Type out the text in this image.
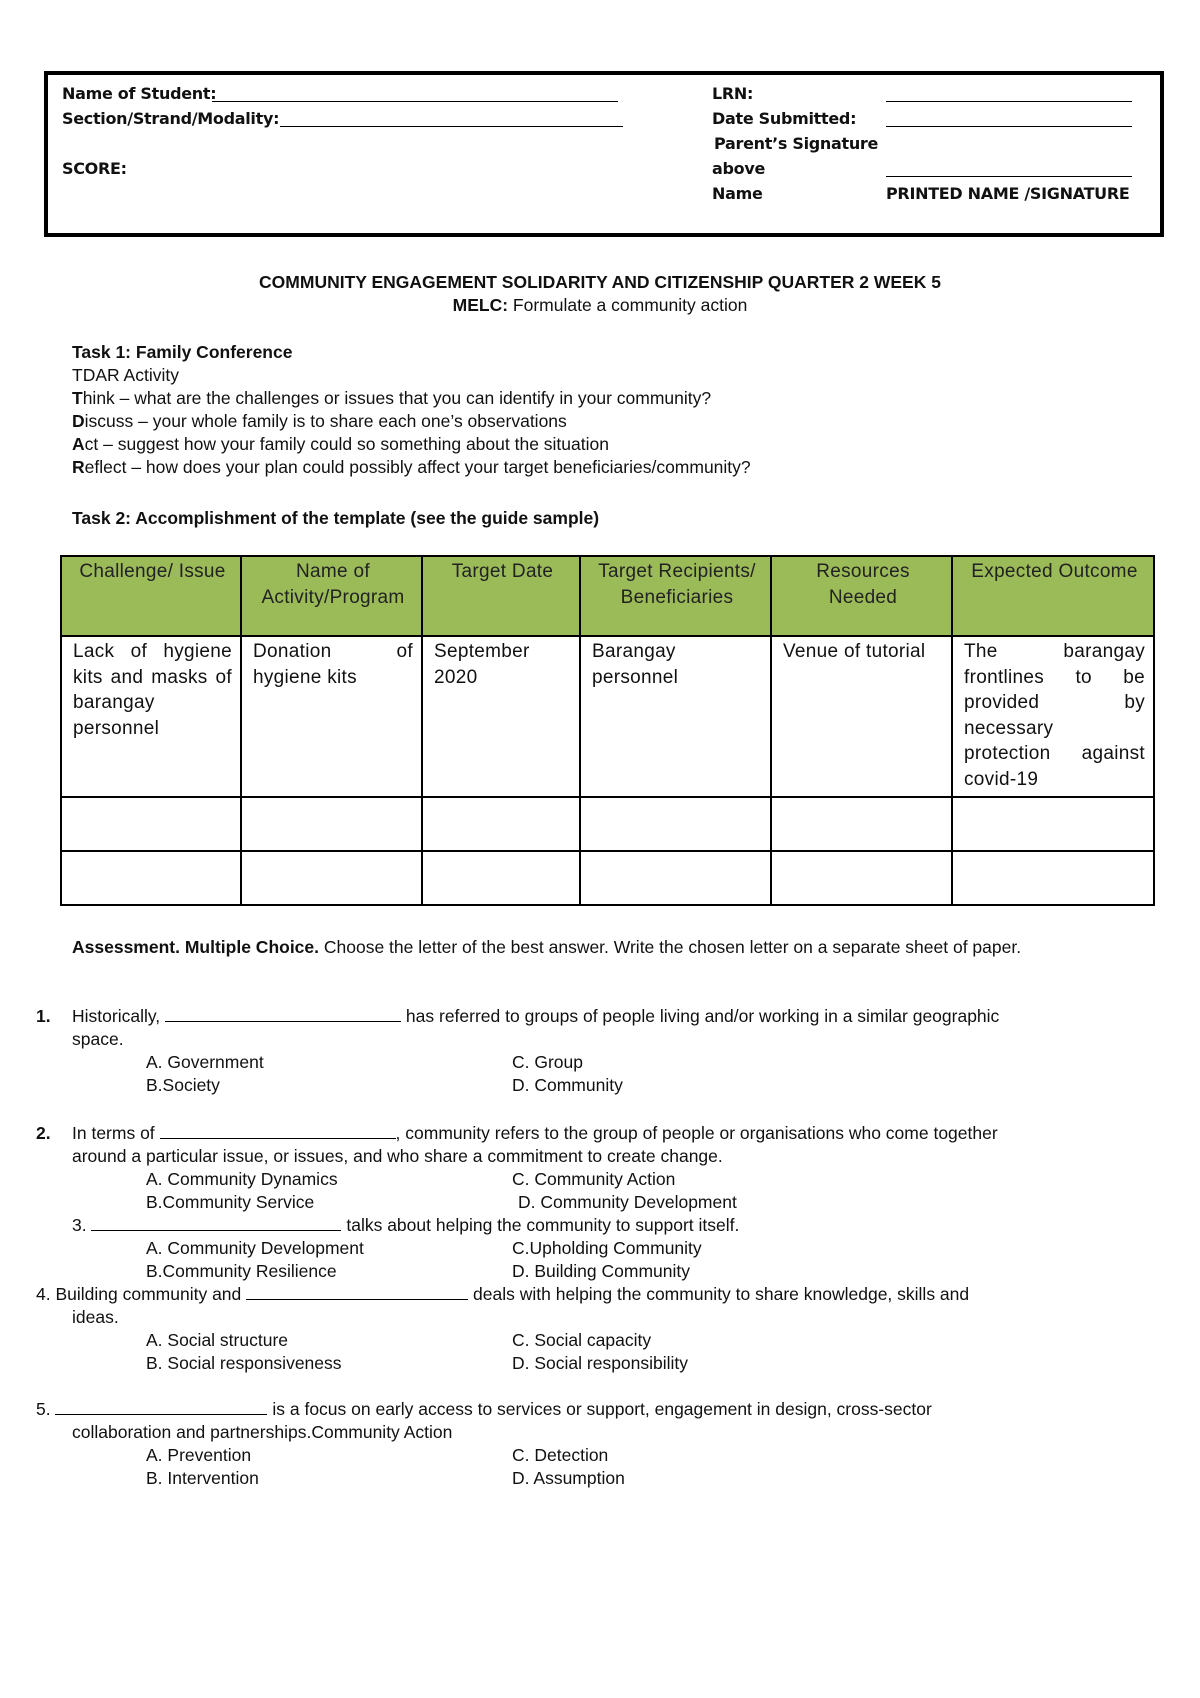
Name of Student:
Section/Strand/Modality:
SCORE:
LRN:
Date Submitted:
Parent’s Signature
above
Name	PRINTED NAME /SIGNATURE
COMMUNITY ENGAGEMENT SOLIDARITY AND CITIZENSHIP QUARTER 2 WEEK 5
MELC: Formulate a community action
Task 1: Family Conference
TDAR Activity
Think – what are the challenges or issues that you can identify in your community?
Discuss – your whole family is to share each one’s observations
Act – suggest how your family could so something about the situation
Reflect – how does your plan could possibly affect your target beneficiaries/community?
Task 2: Accomplishment of the template (see the guide sample)
Challenge/ Issue	Name of Activity/Program	Target Date	Target Recipients/ Beneficiaries	Resources Needed	Expected Outcome
Lack of hygiene kits and masks of barangay personnel	Donation of hygiene kits	September 2020	Barangay personnel	Venue of tutorial	The barangay frontlines to be provided by necessary protection against covid-19

Assessment. Multiple Choice. Choose the letter of the best answer. Write the chosen letter on a separate sheet of paper.
1. Historically,	has referred to groups of people living and/or working in a similar geographic
space.
A. Government	C. Group
B.Society	D. Community
2. In terms of	, community refers to the group of people or organisations who come together
around a particular issue, or issues, and who share a commitment to create change.
A. Community Dynamics	C. Community Action
B.Community Service	D. Community Development
3.	talks about helping the community to support itself.
A. Community Development	C.Upholding Community
B.Community Resilience	D. Building Community
4. Building community and	deals with helping the community to share knowledge, skills and
ideas.
A. Social structure	C. Social capacity
B. Social responsiveness	D. Social responsibility
5.	is a focus on early access to services or support, engagement in design, cross-sector
collaboration and partnerships.Community Action
A. Prevention	C. Detection
B. Intervention	D. Assumption
